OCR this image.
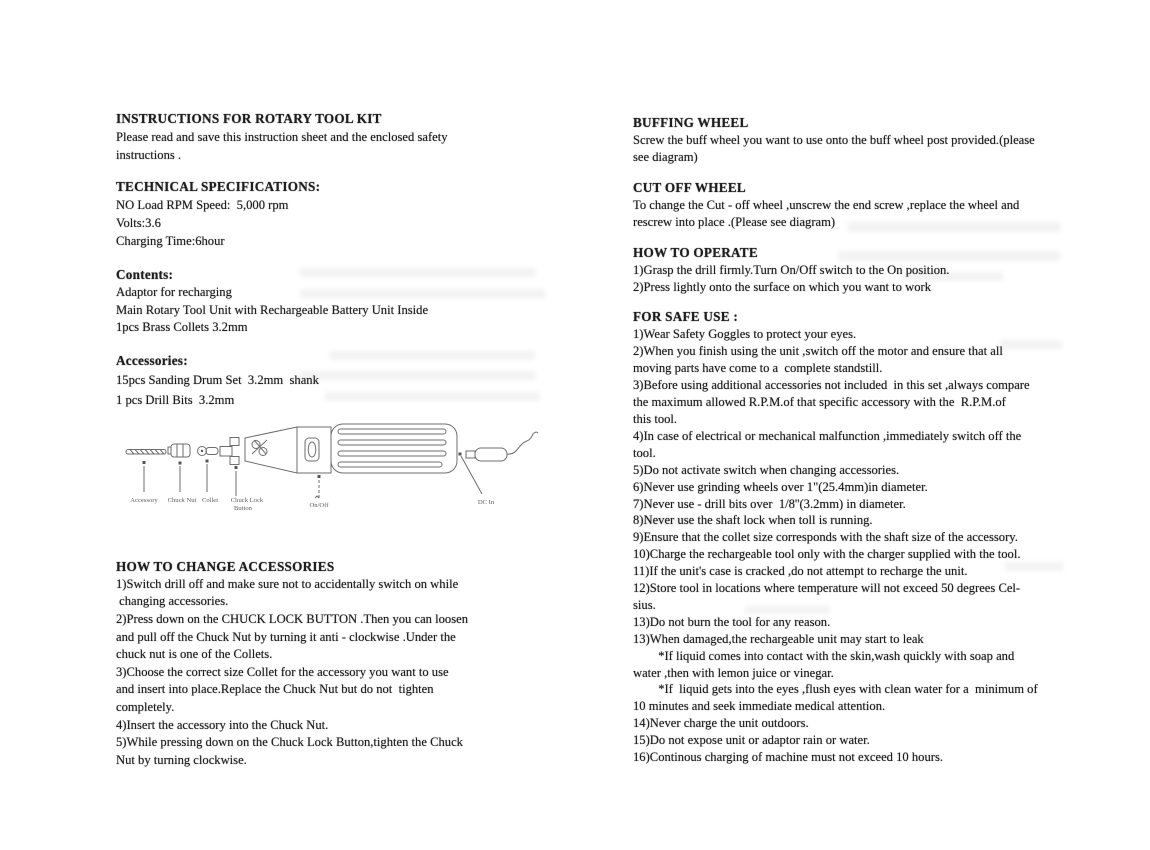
INSTRUCTIONS FOR ROTARY TOOL KIT
Please read and save this instruction sheet and the enclosed safety
instructions .
TECHNICAL SPECIFICATIONS:
NO Load RPM Speed:  5,000 rpm
Volts:3.6
Charging Time:6hour
Contents:
Adaptor for recharging
Main Rotary Tool Unit with Rechargeable Battery Unit Inside
1pcs Brass Collets 3.2mm
Accessories:
15pcs Sanding Drum Set  3.2mm  shank
1 pcs Drill Bits  3.2mm
Accessory Chuck Nut Collet Chuck Lock
Button	On/Off	DC In
HOW TO CHANGE ACCESSORIES
1)Switch drill off and make sure not to accidentally switch on while
changing accessories.
2)Press down on the CHUCK LOCK BUTTON .Then you can loosen
and pull off the Chuck Nut by turning it anti - clockwise .Under the
chuck nut is one of the Collets.
3)Choose the correct size Collet for the accessory you want to use
and insert into place.Replace the Chuck Nut but do not  tighten
completely.
4)Insert the accessory into the Chuck Nut.
5)While pressing down on the Chuck Lock Button,tighten the Chuck
Nut by turning clockwise.
BUFFING WHEEL
Screw the buff wheel you want to use onto the buff wheel post provided.(please
see diagram)
CUT OFF WHEEL
To change the Cut - off wheel ,unscrew the end screw ,replace the wheel and
rescrew into place .(Please see diagram)
HOW TO OPERATE
1)Grasp the drill firmly.Turn On/Off switch to the On position.
2)Press lightly onto the surface on which you want to work
FOR SAFE USE :
1)Wear Safety Goggles to protect your eyes.
2)When you finish using the unit ,switch off the motor and ensure that all
moving parts have come to a  complete standstill.
3)Before using additional accessories not included  in this set ,always compare
the maximum allowed R.P.M.of that specific accessory with the  R.P.M.of
this tool.
4)In case of electrical or mechanical malfunction ,immediately switch off the
tool.
5)Do not activate switch when changing accessories.
6)Never use grinding wheels over 1"(25.4mm)in diameter.
7)Never use - drill bits over  1/8''(3.2mm) in diameter.
8)Never use the shaft lock when toll is running.
9)Ensure that the collet size corresponds with the shaft size of the accessory.
10)Charge the rechargeable tool only with the charger supplied with the tool.
11)If the unit's case is cracked ,do not attempt to recharge the unit.
12)Store tool in locations where temperature will not exceed 50 degrees Cel-
sius.
13)Do not burn the tool for any reason.
13)When damaged,the rechargeable unit may start to leak
*If liquid comes into contact with the skin,wash quickly with soap and
water ,then with lemon juice or vinegar.
*If  liquid gets into the eyes ,flush eyes with clean water for a  minimum of
10 minutes and seek immediate medical attention.
14)Never charge the unit outdoors.
15)Do not expose unit or adaptor rain or water.
16)Continous charging of machine must not exceed 10 hours.
